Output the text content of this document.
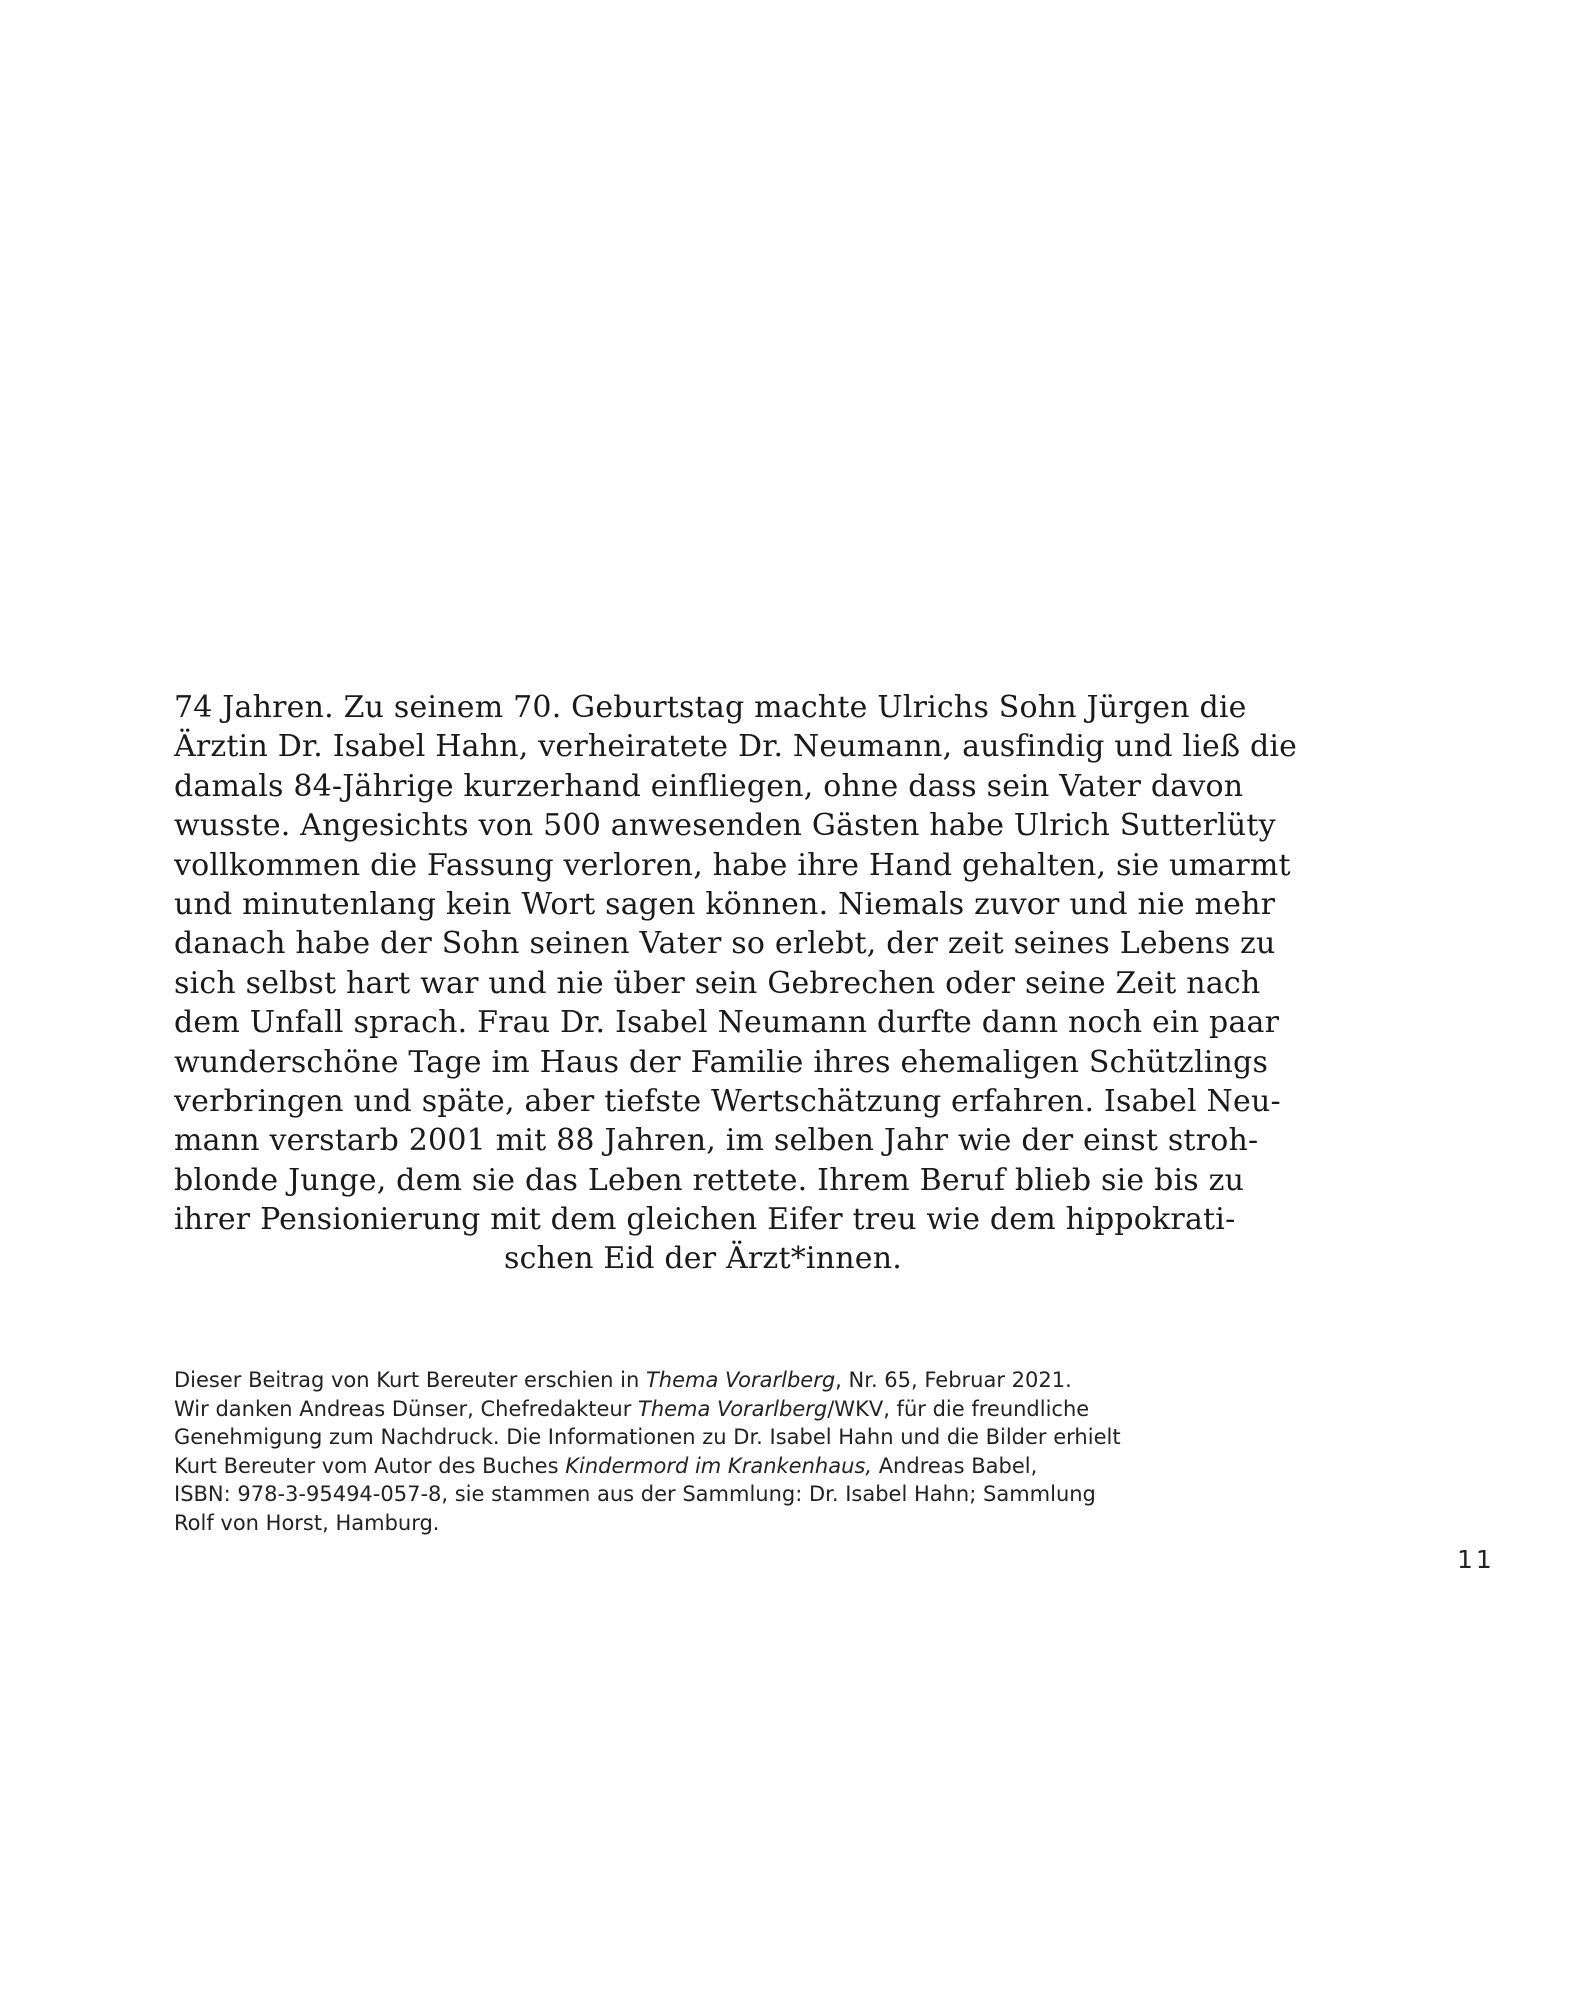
74 Jahren. Zu seinem 70. Geburtstag machte Ulrichs Sohn Jürgen die
Ärztin Dr. Isabel Hahn, verheiratete Dr. Neumann, ausfindig und ließ die
damals 84-Jährige kurzerhand einfliegen, ohne dass sein Vater davon
wusste. Angesichts von 500 anwesenden Gästen habe Ulrich Sutterlüty
vollkommen die Fassung verloren, habe ihre Hand gehalten, sie umarmt
und minutenlang kein Wort sagen können. Niemals zuvor und nie mehr
danach habe der Sohn seinen Vater so erlebt, der zeit seines Lebens zu
sich selbst hart war und nie über sein Gebrechen oder seine Zeit nach
dem Unfall sprach. Frau Dr. Isabel Neumann durfte dann noch ein paar
wunderschöne Tage im Haus der Familie ihres ehemaligen Schützlings
verbringen und späte, aber tiefste Wertschätzung erfahren. Isabel Neu-
mann verstarb 2001 mit 88 Jahren, im selben Jahr wie der einst stroh-
blonde Junge, dem sie das Leben rettete. Ihrem Beruf blieb sie bis zu
ihrer Pensionierung mit dem gleichen Eifer treu wie dem hippokrati-
schen Eid der Ärzt*innen.
Dieser Beitrag von Kurt Bereuter erschien in Thema Vorarlberg, Nr. 65, Februar 2021.
Wir danken Andreas Dünser, Chefredakteur Thema Vorarlberg/WKV, für die freundliche
Genehmigung zum Nachdruck. Die Informationen zu Dr. Isabel Hahn und die Bilder erhielt
Kurt Bereuter vom Autor des Buches Kindermord im Krankenhaus, Andreas Babel,
ISBN: 978-3-95494-057-8, sie stammen aus der Sammlung: Dr. Isabel Hahn; Sammlung
Rolf von Horst, Hamburg.
11
